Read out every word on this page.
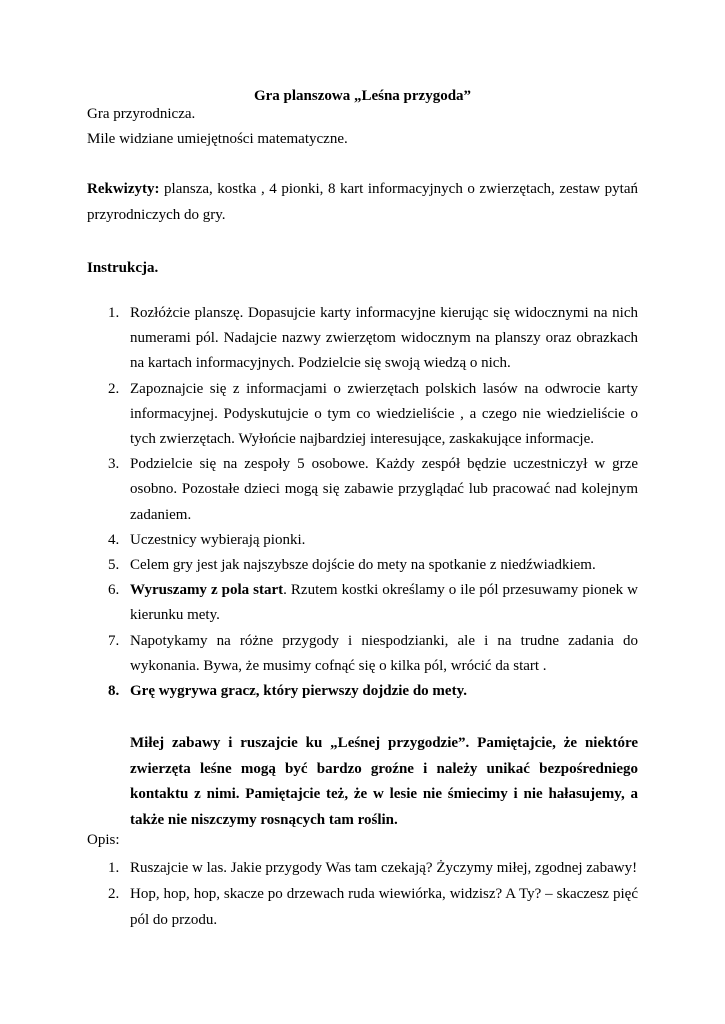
Gra planszowa „Leśna przygoda”
Gra przyrodnicza.
Mile widziane umiejętności matematyczne.
Rekwizyty: plansza, kostka , 4 pionki, 8 kart informacyjnych o zwierzętach, zestaw pytań przyrodniczych do gry.
Instrukcja.
1. Rozłóżcie planszę. Dopasujcie karty informacyjne kierując się widocznymi na nich numerami pól. Nadajcie nazwy zwierzętom widocznym na planszy oraz obrazkach na kartach informacyjnych. Podzielcie się swoją wiedzą o nich.
2. Zapoznajcie się z informacjami o zwierzętach polskich lasów na odwrocie karty informacyjnej. Podyskutujcie o tym co wiedzieliście , a czego nie wiedzieliście o tych zwierzętach. Wyłońcie najbardziej interesujące, zaskakujące informacje.
3. Podzielcie się na zespoły 5 osobowe. Każdy zespół będzie uczestniczył w grze osobno. Pozostałe dzieci mogą się zabawie przyglądać lub pracować nad kolejnym zadaniem.
4. Uczestnicy wybierają pionki.
5. Celem gry jest jak najszybsze dojście do mety na spotkanie z niedźwiadkiem.
6. Wyruszamy z pola start. Rzutem kostki określamy o ile pól przesuwamy pionek w kierunku mety.
7. Napotykamy na różne przygody i niespodzianki, ale i na trudne zadania do wykonania. Bywa, że musimy cofnąć się o kilka pól, wrócić da start .
8. Grę wygrywa gracz, który pierwszy dojdzie do mety.
Miłej zabawy i ruszajcie ku „Leśnej przygodzie”. Pamiętajcie, że niektóre zwierzęta leśne mogą być bardzo groźne i należy unikać bezpośredniego kontaktu z nimi. Pamiętajcie też, że w lesie nie śmiecimy i nie hałasujemy, a także nie niszczymy rosnących tam roślin.
Opis:
1. Ruszajcie w las. Jakie przygody Was tam czekają? Życzymy miłej, zgodnej zabawy!
2. Hop, hop, hop, skacze po drzewach ruda wiewiórka, widzisz? A Ty? – skaczesz pięć pól do przodu.
